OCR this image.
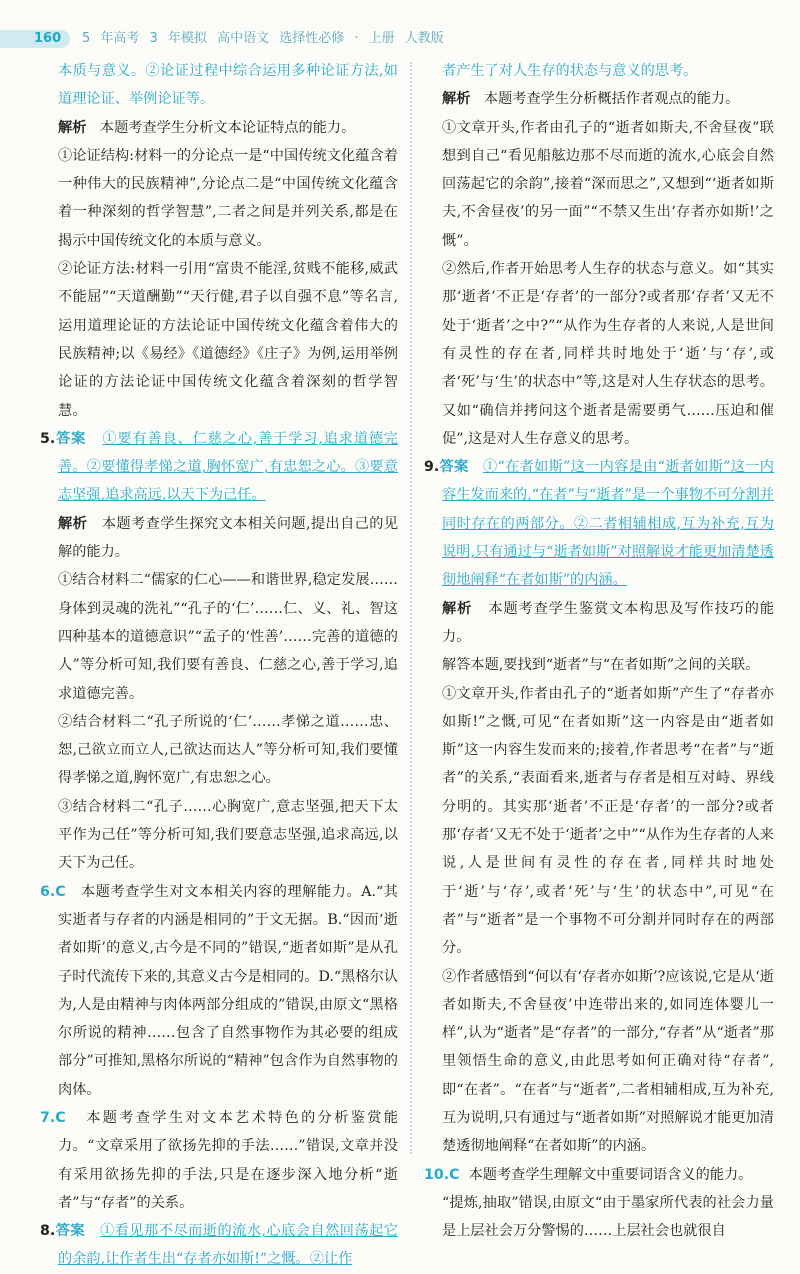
160 5 年高考 3 年模拟 高中语文 选择性必修 · 上册 人教版

本质与意义。②论证过程中综合运用多种论证方法,如道理论证、举例论证等。

解析 本题考查学生分析文本论证特点的能力。

①论证结构:材料一的分论点一是“中国传统文化蕴含着一种伟大的民族精神”,分论点二是“中国传统文化蕴含着一种深刻的哲学智慧”,二者之间是并列关系,都是在揭示中国传统文化的本质与意义。

②论证方法:材料一引用“富贵不能淫,贫贱不能移,威武不能屈”“天道酬勤”“天行健,君子以自强不息”等名言,运用道理论证的方法论证中国传统文化蕴含着伟大的民族精神;以《易经》《道德经》《庄子》为例,运用举例论证的方法论证中国传统文化蕴含着深刻的哲学智慧。

5.答案 ①要有善良、仁慈之心,善于学习,追求道德完善。②要懂得孝悌之道,胸怀宽广,有忠恕之心。③要意志坚强,追求高远,以天下为己任。

解析 本题考查学生探究文本相关问题,提出自己的见解的能力。

①结合材料二“儒家的仁心——和谐世界,稳定发展……身体到灵魂的洗礼”“孔子的‘仁’……仁、义、礼、智这四种基本的道德意识”“孟子的‘性善’……完善的道德的人”等分析可知,我们要有善良、仁慈之心,善于学习,追求道德完善。

②结合材料二“孔子所说的‘仁’……孝悌之道……忠、恕,己欲立而立人,己欲达而达人”等分析可知,我们要懂得孝悌之道,胸怀宽广,有忠恕之心。

③结合材料二“孔子……心胸宽广,意志坚强,把天下太平作为己任”等分析可知,我们要意志坚强,追求高远,以天下为己任。

6.C 本题考查学生对文本相关内容的理解能力。A.“其实逝者与存者的内涵是相同的”于文无据。B.“因而‘逝者如斯’的意义,古今是不同的”错误,“逝者如斯”是从孔子时代流传下来的,其意义古今是相同的。D.“黑格尔认为,人是由精神与肉体两部分组成的”错误,由原文“黑格尔所说的精神……包含了自然事物作为其必要的组成部分”可推知,黑格尔所说的“精神”包含作为自然事物的肉体。

7.C 本题考查学生对文本艺术特色的分析鉴赏能力。“文章采用了欲扬先抑的手法……”错误,文章并没有采用欲扬先抑的手法,只是在逐步深入地分析“逝者”与“存者”的关系。

8.答案 ①看见那不尽而逝的流水,心底会自然回荡起它的余韵,让作者生出“存者亦如斯!”之慨。②让作

者产生了对人生存的状态与意义的思考。

解析 本题考查学生分析概括作者观点的能力。

①文章开头,作者由孔子的“逝者如斯夫,不舍昼夜”联想到自己“看见船舷边那不尽而逝的流水,心底会自然回荡起它的余韵”,接着“深而思之”,又想到“‘逝者如斯夫,不舍昼夜’的另一面”“不禁又生出‘存者亦如斯!’之慨”。

②然后,作者开始思考人生存的状态与意义。如“其实那‘逝者’不正是‘存者’的一部分?或者那‘存者’又无不处于‘逝者’之中?”“从作为生存者的人来说,人是世间有灵性的存在者,同样共时地处于‘逝’与‘存’,或者‘死’与‘生’的状态中”等,这是对人生存状态的思考。又如“确信并拷问这个逝者是需要勇气……压迫和催促”,这是对人生存意义的思考。

9.答案 ①“在者如斯”这一内容是由“逝者如斯”这一内容生发而来的,“在者”与“逝者”是一个事物不可分割并同时存在的两部分。②二者相辅相成,互为补充,互为说明,只有通过与“逝者如斯”对照解说才能更加清楚透彻地阐释“在者如斯”的内涵。

解析 本题考查学生鉴赏文本构思及写作技巧的能力。

解答本题,要找到“逝者”与“在者如斯”之间的关联。

①文章开头,作者由孔子的“逝者如斯”产生了“存者亦如斯!”之慨,可见“在者如斯”这一内容是由“逝者如斯”这一内容生发而来的;接着,作者思考“在者”与“逝者”的关系,“表面看来,逝者与存者是相互对峙、界线分明的。其实那‘逝者’不正是‘存者’的一部分?或者那‘存者’又无不处于‘逝者’之中”“从作为生存者的人来说,人是世间有灵性的存在者,同样共时地处于‘逝’与‘存’,或者‘死’与‘生’的状态中”,可见“在者”与“逝者”是一个事物不可分割并同时存在的两部分。

②作者感悟到“何以有‘存者亦如斯’?应该说,它是从‘逝者如斯夫,不舍昼夜’中连带出来的,如同连体婴儿一样”,认为“逝者”是“存者”的一部分,“存者”从“逝者”那里领悟生命的意义,由此思考如何正确对待“存者”,即“在者”。“在者”与“逝者”,二者相辅相成,互为补充,互为说明,只有通过与“逝者如斯”对照解说才能更加清楚透彻地阐释“在者如斯”的内涵。

10.C 本题考查学生理解文中重要词语含义的能力。

“提炼,抽取”错误,由原文“由于墨家所代表的社会力量是上层社会万分警惕的……上层社会也就很自
